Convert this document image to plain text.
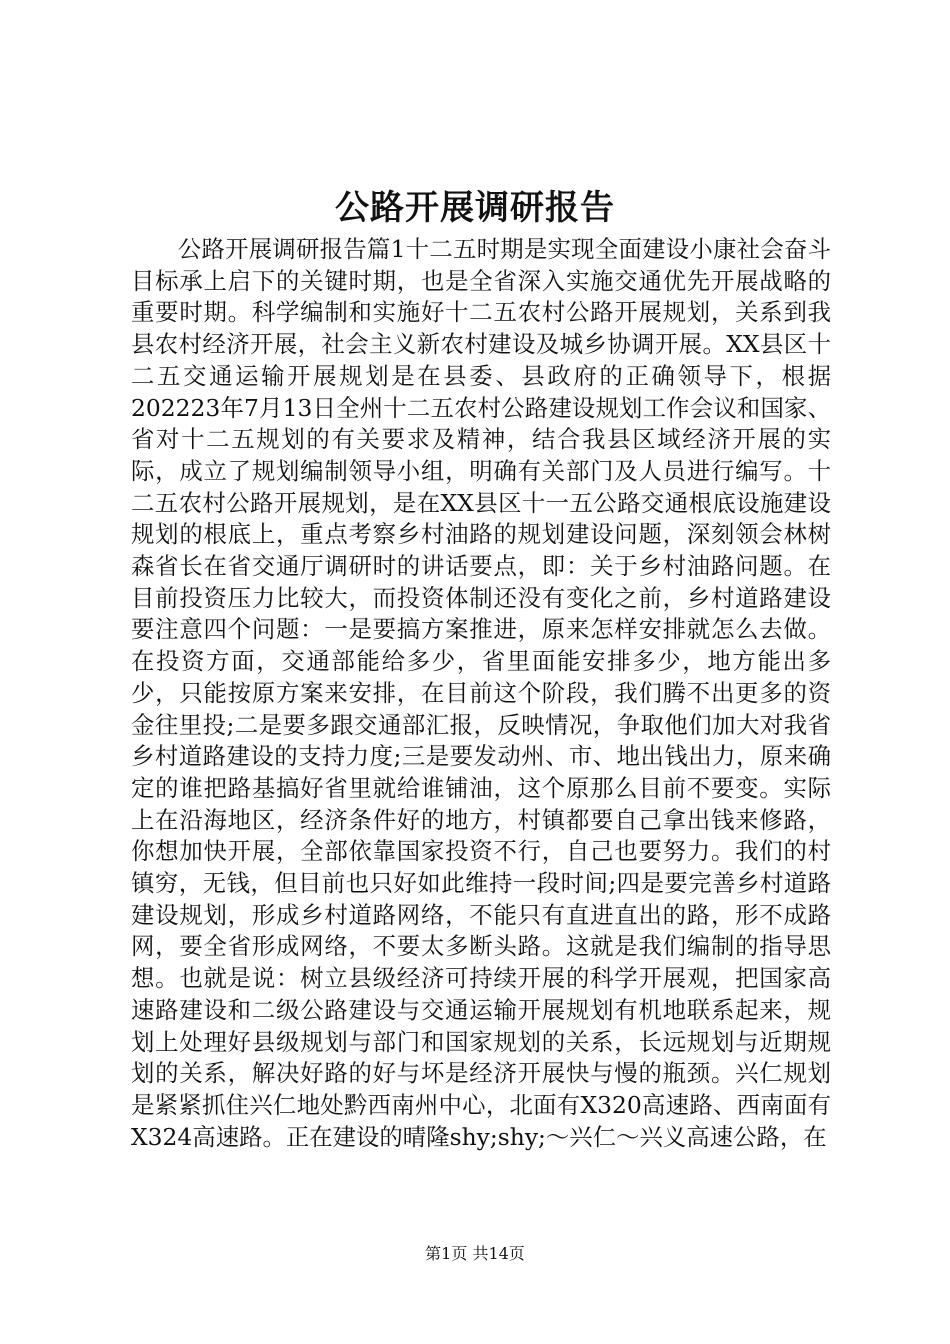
公路开展调研报告

公路开展调研报告篇1十二五时期是实现全面建设小康社会奋斗目标承上启下的关键时期，也是全省深入实施交通优先开展战略的重要时期。科学编制和实施好十二五农村公路开展规划，关系到我县农村经济开展，社会主义新农村建设及城乡协调开展。XX县区十二五交通运输开展规划是在县委、县政府的正确领导下，根据202223年7月13日全州十二五农村公路建设规划工作会议和国家、省对十二五规划的有关要求及精神，结合我县区域经济开展的实际，成立了规划编制领导小组，明确有关部门及人员进行编写。十二五农村公路开展规划，是在XX县区十一五公路交通根底设施建设规划的根底上，重点考察乡村油路的规划建设问题，深刻领会林树森省长在省交通厅调研时的讲话要点，即：关于乡村油路问题。在目前投资压力比较大，而投资体制还没有变化之前，乡村道路建设要注意四个问题：一是要搞方案推进，原来怎样安排就怎么去做。在投资方面，交通部能给多少，省里面能安排多少，地方能出多少，只能按原方案来安排，在目前这个阶段，我们腾不出更多的资金往里投;二是要多跟交通部汇报，反映情况，争取他们加大对我省乡村道路建设的支持力度;三是要发动州、市、地出钱出力，原来确定的谁把路基搞好省里就给谁铺油，这个原那么目前不要变。实际上在沿海地区，经济条件好的地方，村镇都要自己拿出钱来修路，你想加快开展，全部依靠国家投资不行，自己也要努力。我们的村镇穷，无钱，但目前也只好如此维持一段时间;四是要完善乡村道路建设规划，形成乡村道路网络，不能只有直进直出的路，形不成路网，要全省形成网络，不要太多断头路。这就是我们编制的指导思想。也就是说：树立县级经济可持续开展的科学开展观，把国家高速路建设和二级公路建设与交通运输开展规划有机地联系起来，规划上处理好县级规划与部门和国家规划的关系，长远规划与近期规划的关系，解决好路的好与坏是经济开展快与慢的瓶颈。兴仁规划是紧紧抓住兴仁地处黔西南州中心，北面有X320高速路、西南面有X324高速路。正在建设的晴隆shy;shy;～兴仁～兴义高速公路，在

第1页 共14页
